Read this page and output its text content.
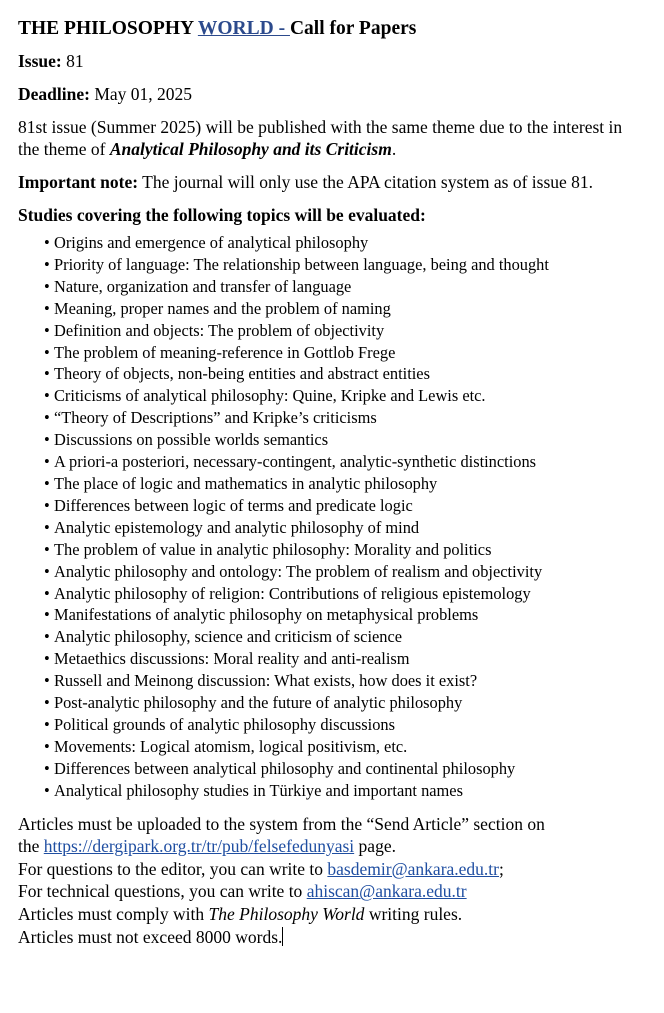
THE PHILOSOPHY WORLD - Call for Papers

Issue: 81

Deadline: May 01, 2025

81st issue (Summer 2025) will be published with the same theme due to the interest in the theme of Analytical Philosophy and its Criticism.

Important note: The journal will only use the APA citation system as of issue 81.

Studies covering the following topics will be evaluated:

• Origins and emergence of analytical philosophy
• Priority of language: The relationship between language, being and thought
• Nature, organization and transfer of language
• Meaning, proper names and the problem of naming
• Definition and objects: The problem of objectivity
• The problem of meaning-reference in Gottlob Frege
• Theory of objects, non-being entities and abstract entities
• Criticisms of analytical philosophy: Quine, Kripke and Lewis etc.
• “Theory of Descriptions” and Kripke’s criticisms
• Discussions on possible worlds semantics
• A priori-a posteriori, necessary-contingent, analytic-synthetic distinctions
• The place of logic and mathematics in analytic philosophy
• Differences between logic of terms and predicate logic
• Analytic epistemology and analytic philosophy of mind
• The problem of value in analytic philosophy: Morality and politics
• Analytic philosophy and ontology: The problem of realism and objectivity
• Analytic philosophy of religion: Contributions of religious epistemology
• Manifestations of analytic philosophy on metaphysical problems
• Analytic philosophy, science and criticism of science
• Metaethics discussions: Moral reality and anti-realism
• Russell and Meinong discussion: What exists, how does it exist?
• Post-analytic philosophy and the future of analytic philosophy
• Political grounds of analytic philosophy discussions
• Movements: Logical atomism, logical positivism, etc.
• Differences between analytical philosophy and continental philosophy
• Analytical philosophy studies in Türkiye and important names
Articles must be uploaded to the system from the “Send Article” section on
the https://dergipark.org.tr/tr/pub/felsefedunyasi page.
For questions to the editor, you can write to basdemir@ankara.edu.tr;
For technical questions, you can write to ahiscan@ankara.edu.tr
Articles must comply with The Philosophy World writing rules.
Articles must not exceed 8000 words.
